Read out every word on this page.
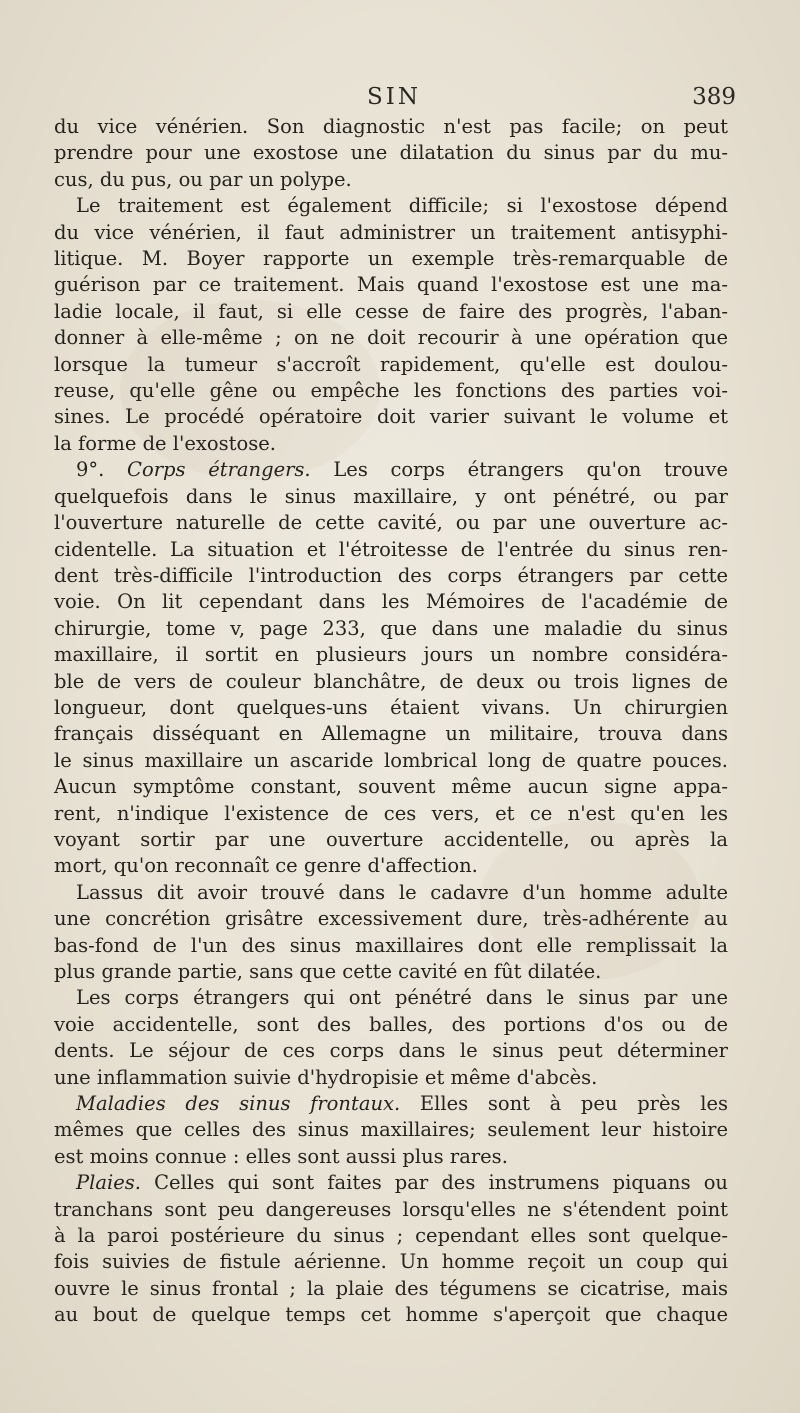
SIN	389

du vice vénérien. Son diagnostic n'est pas facile; on peut
prendre pour une exostose une dilatation du sinus par du mu-
cus, du pus, ou par un polype.

Le traitement est également difficile; si l'exostose dépend
du vice vénérien, il faut administrer un traitement antisyphi-
litique. M. Boyer rapporte un exemple très-remarquable de
guérison par ce traitement. Mais quand l'exostose est une ma-
ladie locale, il faut, si elle cesse de faire des progrès, l'aban-
donner à elle-même ; on ne doit recourir à une opération que
lorsque la tumeur s'accroît rapidement, qu'elle est doulou-
reuse, qu'elle gêne ou empêche les fonctions des parties voi-
sines. Le procédé opératoire doit varier suivant le volume et
la forme de l'exostose.

9°. Corps étrangers. Les corps étrangers qu'on trouve
quelquefois dans le sinus maxillaire, y ont pénétré, ou par
l'ouverture naturelle de cette cavité, ou par une ouverture ac-
cidentelle. La situation et l'étroitesse de l'entrée du sinus ren-
dent très-difficile l'introduction des corps étrangers par cette
voie. On lit cependant dans les Mémoires de l'académie de
chirurgie, tome v, page 233, que dans une maladie du sinus
maxillaire, il sortit en plusieurs jours un nombre considéra-
ble de vers de couleur blanchâtre, de deux ou trois lignes de
longueur, dont quelques-uns étaient vivans. Un chirurgien
français disséquant en Allemagne un militaire, trouva dans
le sinus maxillaire un ascaride lombrical long de quatre pouces.
Aucun symptôme constant, souvent même aucun signe appa-
rent, n'indique l'existence de ces vers, et ce n'est qu'en les
voyant sortir par une ouverture accidentelle, ou après la
mort, qu'on reconnaît ce genre d'affection.

Lassus dit avoir trouvé dans le cadavre d'un homme adulte
une concrétion grisâtre excessivement dure, très-adhérente au
bas-fond de l'un des sinus maxillaires dont elle remplissait la
plus grande partie, sans que cette cavité en fût dilatée.

Les corps étrangers qui ont pénétré dans le sinus par une
voie accidentelle, sont des balles, des portions d'os ou de
dents. Le séjour de ces corps dans le sinus peut déterminer
une inflammation suivie d'hydropisie et même d'abcès.

Maladies des sinus frontaux. Elles sont à peu près les
mêmes que celles des sinus maxillaires; seulement leur histoire
est moins connue : elles sont aussi plus rares.

Plaies. Celles qui sont faites par des instrumens piquans ou
tranchans sont peu dangereuses lorsqu'elles ne s'étendent point
à la paroi postérieure du sinus ; cependant elles sont quelque-
fois suivies de fistule aérienne. Un homme reçoit un coup qui
ouvre le sinus frontal ; la plaie des tégumens se cicatrise, mais
au bout de quelque temps cet homme s'aperçoit que chaque
